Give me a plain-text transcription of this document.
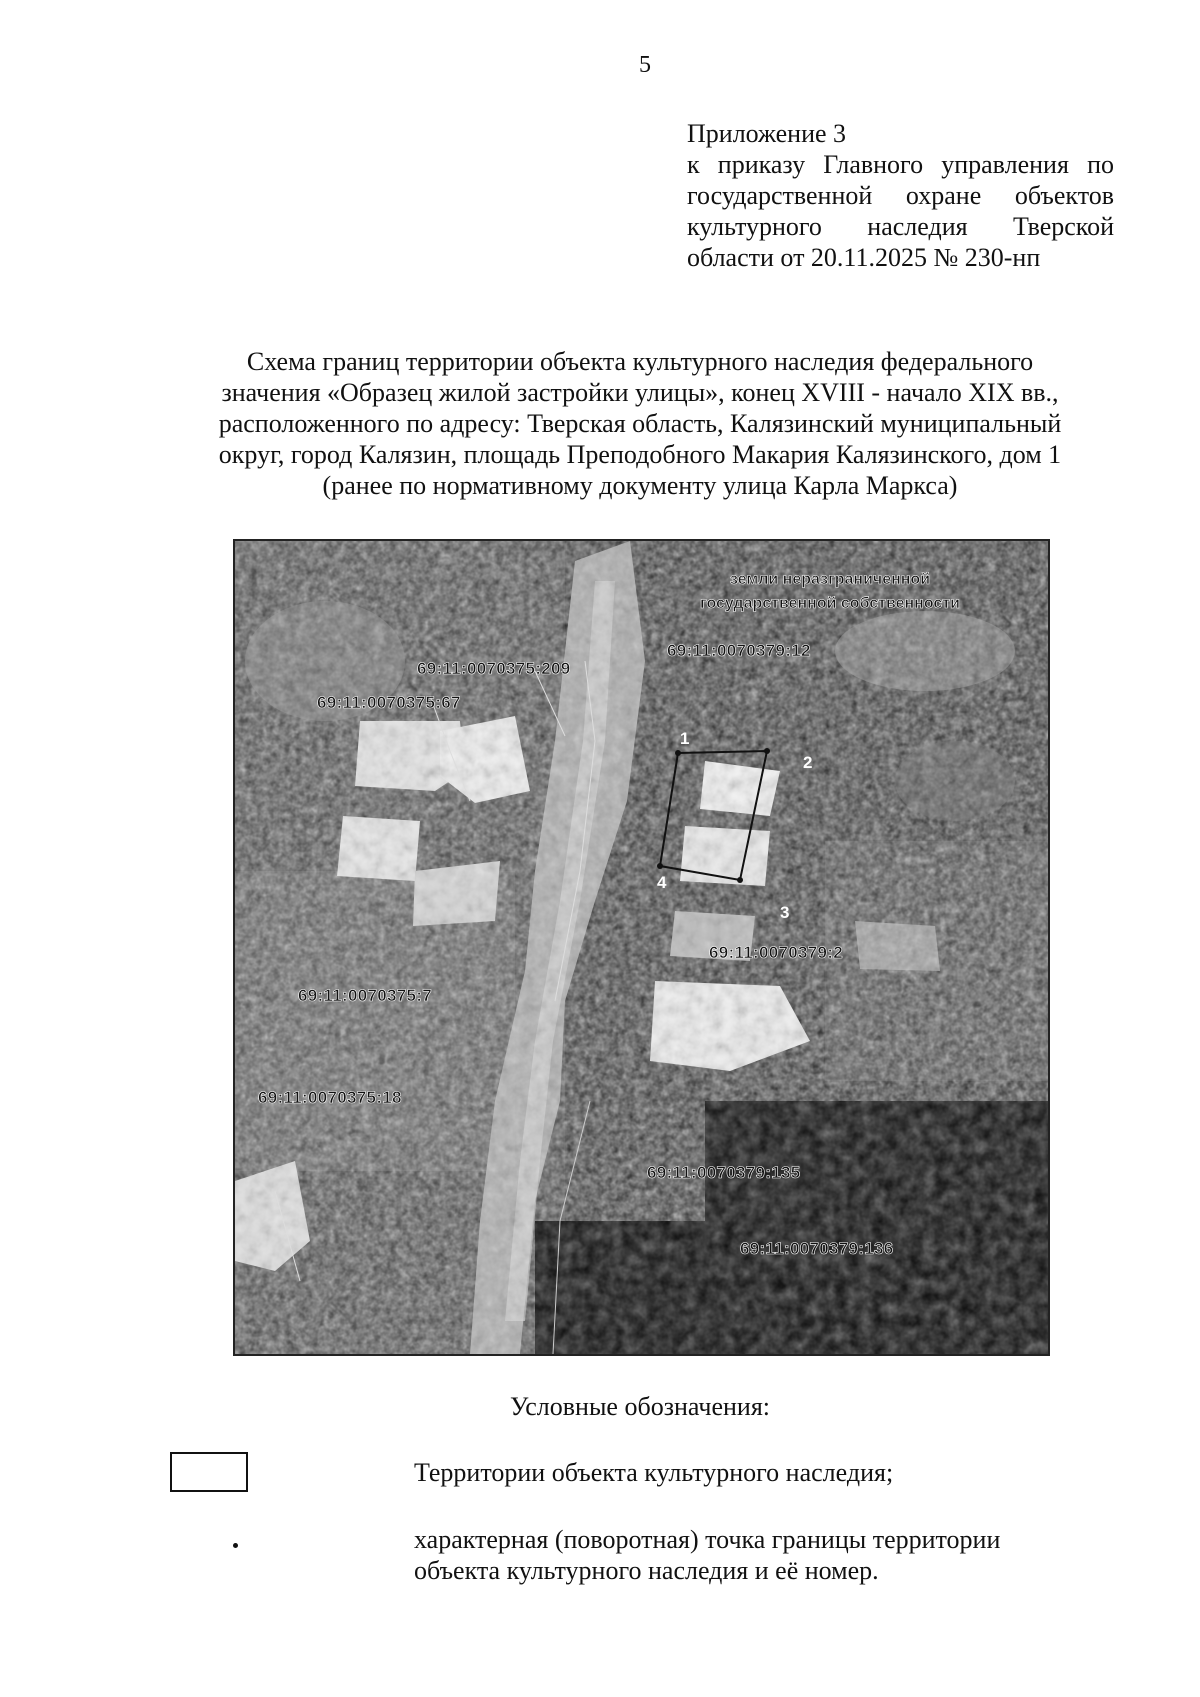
5
Приложение 3
к приказу Главного управления по
государственной охране объектов
культурного наследия Тверской
области от 20.11.2025 № 230-нп
Схема границ территории объекта культурного наследия федерального
значения «Образец жилой застройки улицы», конец XVIII - начало XIX вв.,
расположенного по адресу: Тверская область, Калязинский муниципальный
округ, город Калязин, площадь Преподобного Макария Калязинского, дом 1
(ранее по нормативному документу улица Карла Маркса)
земли неразграниченной
государственной собственности
69:11:0070375:209
69:11:0070379:12
69:11:0070375:67
69:11:0070379:2
69:11:0070375:7
69:11:0070375:18
69:11:0070379:135
69:11:0070379:136
1
2
3
4
Условные обозначения:
Территории объекта культурного наследия;
характерная (поворотная) точка границы территории
объекта культурного наследия и её номер.
